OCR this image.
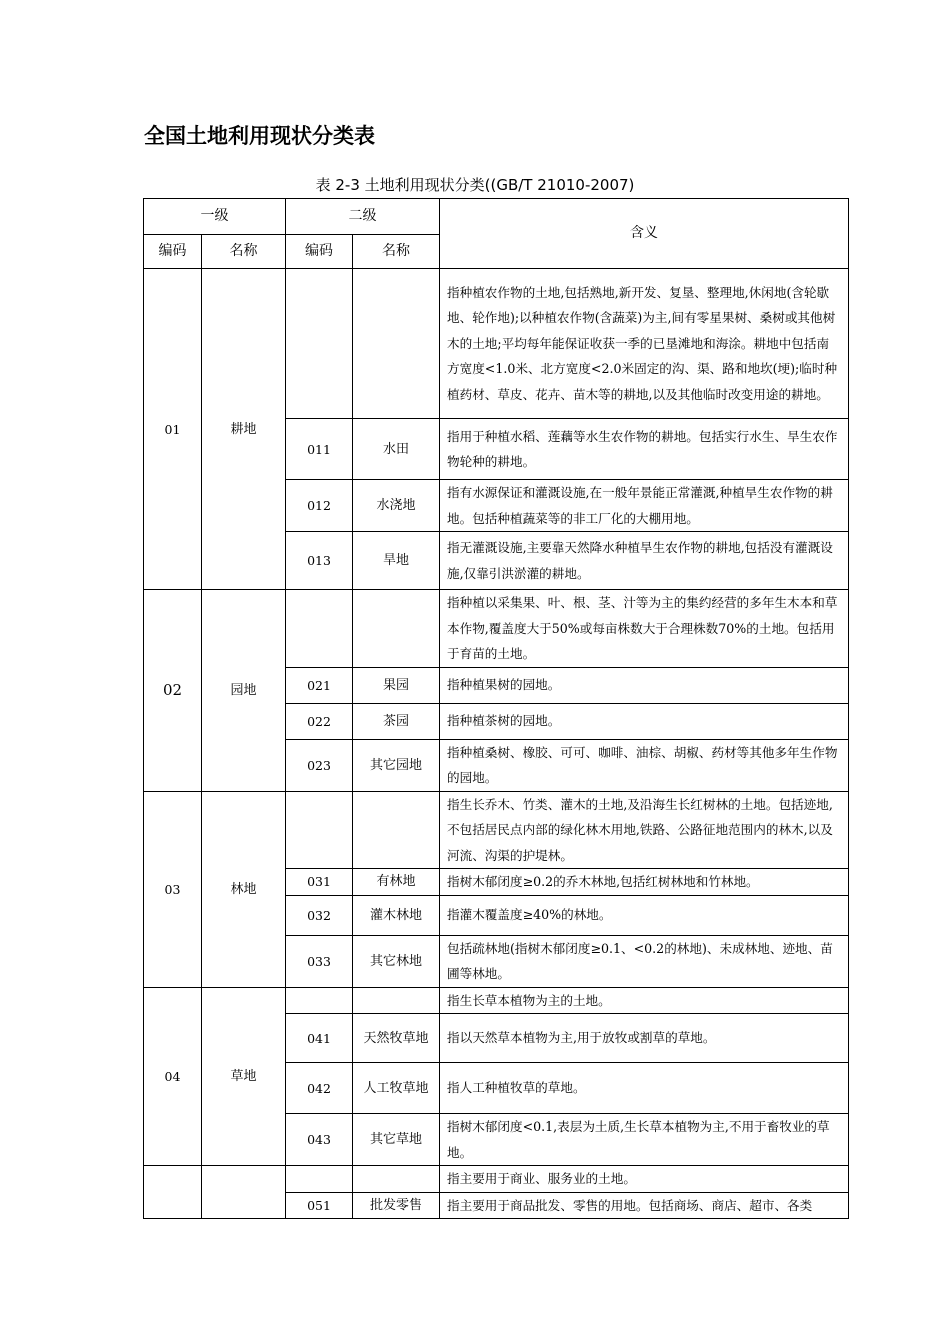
全国土地利用现状分类表
表 2-3 土地利用现状分类((GB/T 21010-2007)
一级		二级		含义
编码	名称	编码	名称	
01	耕地			指种植农作物的土地,包括熟地,新开发、复垦、整理地,休闲地(含轮歇地、轮作地);以种植农作物(含蔬菜)为主,间有零星果树、桑树或其他树木的土地;平均每年能保证收获一季的已垦滩地和海涂。耕地中包括南方宽度<1.0米、北方宽度<2.0米固定的沟、渠、路和地坎(埂);临时种植药材、草皮、花卉、苗木等的耕地,以及其他临时改变用途的耕地。
		011	水田	指用于种植水稻、莲藕等水生农作物的耕地。包括实行水生、旱生农作物轮种的耕地。
		012	水浇地	指有水源保证和灌溉设施,在一般年景能正常灌溉,种植旱生农作物的耕地。包括种植蔬菜等的非工厂化的大棚用地。
		013	旱地	指无灌溉设施,主要靠天然降水种植旱生农作物的耕地,包括没有灌溉设施,仅靠引洪淤灌的耕地。
02	园地			指种植以采集果、叶、根、茎、汁等为主的集约经营的多年生木本和草本作物,覆盖度大于50%或每亩株数大于合理株数70%的土地。包括用于育苗的土地。
		021	果园	指种植果树的园地。
		022	茶园	指种植茶树的园地。
		023	其它园地	指种植桑树、橡胶、可可、咖啡、油棕、胡椒、药材等其他多年生作物的园地。
03	林地			指生长乔木、竹类、灌木的土地,及沿海生长红树林的土地。包括迹地,不包括居民点内部的绿化林木用地,铁路、公路征地范围内的林木,以及河流、沟渠的护堤林。
		031	有林地	指树木郁闭度≥0.2的乔木林地,包括红树林地和竹林地。
		032	灌木林地	指灌木覆盖度≥40%的林地。
		033	其它林地	包括疏林地(指树木郁闭度≥0.1、<0.2的林地)、未成林地、迹地、苗圃等林地。
04	草地			指生长草本植物为主的土地。
		041	天然牧草地	指以天然草本植物为主,用于放牧或割草的草地。
		042	人工牧草地	指人工种植牧草的草地。
		043	其它草地	指树木郁闭度<0.1,表层为土质,生长草本植物为主,不用于畜牧业的草地。
				指主要用于商业、服务业的土地。
		051	批发零售	指主要用于商品批发、零售的用地。包括商场、商店、超市、各类
